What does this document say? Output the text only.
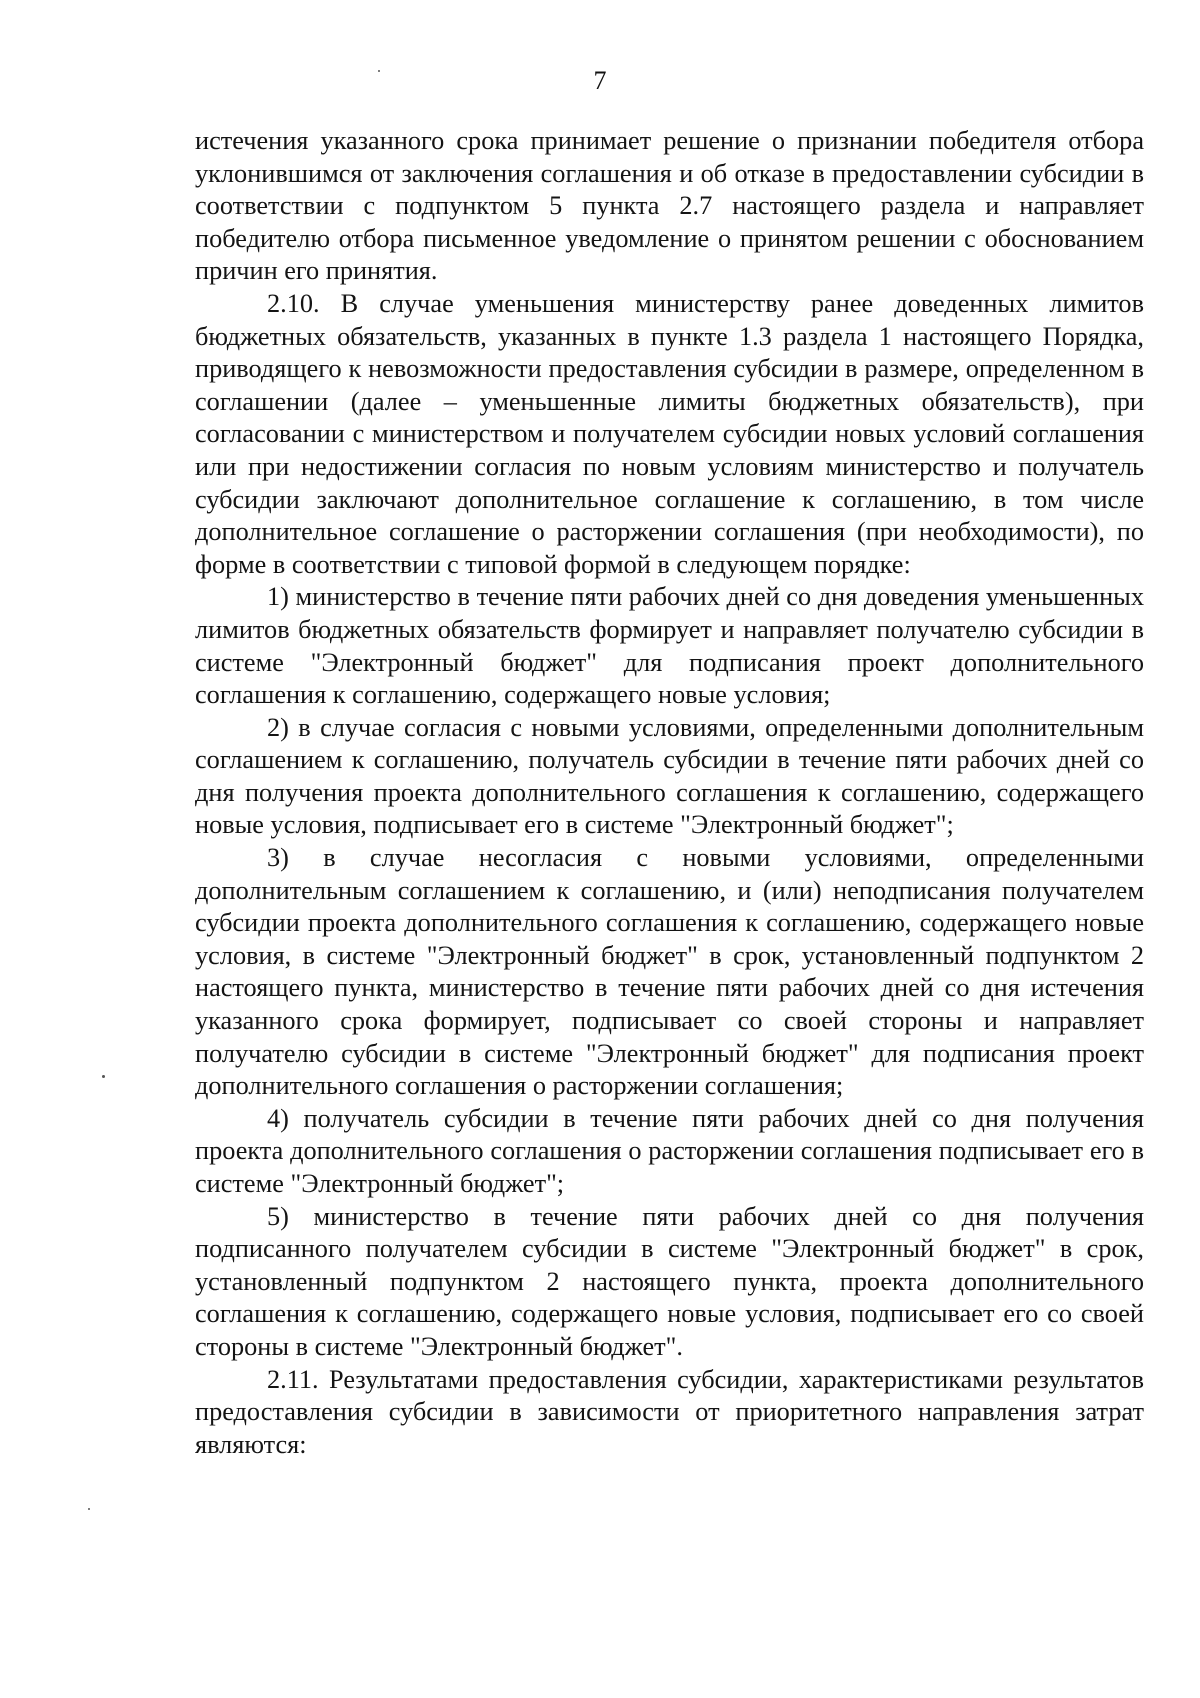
7

истечения указанного срока принимает решение о признании победителя отбора уклонившимся от заключения соглашения и об отказе в предоставлении субсидии в соответствии с подпунктом 5 пункта 2.7 настоящего раздела и направляет победителю отбора письменное уведомление о принятом решении с обоснованием причин его принятия.

2.10. В случае уменьшения министерству ранее доведенных лимитов бюджетных обязательств, указанных в пункте 1.3 раздела 1 настоящего Порядка, приводящего к невозможности предоставления субсидии в размере, определенном в соглашении (далее – уменьшенные лимиты бюджетных обязательств), при согласовании с министерством и получателем субсидии новых условий соглашения или при недостижении согласия по новым условиям министерство и получатель субсидии заключают дополнительное соглашение к соглашению, в том числе дополнительное соглашение о расторжении соглашения (при необходимости), по форме в соответствии с типовой формой в следующем порядке:

1) министерство в течение пяти рабочих дней со дня доведения уменьшенных лимитов бюджетных обязательств формирует и направляет получателю субсидии в системе "Электронный бюджет" для подписания проект дополнительного соглашения к соглашению, содержащего новые условия;

2) в случае согласия с новыми условиями, определенными дополнительным соглашением к соглашению, получатель субсидии в течение пяти рабочих дней со дня получения проекта дополнительного соглашения к соглашению, содержащего новые условия, подписывает его в системе "Электронный бюджет";

3) в случае несогласия с новыми условиями, определенными дополнительным соглашением к соглашению, и (или) неподписания получателем субсидии проекта дополнительного соглашения к соглашению, содержащего новые условия, в системе "Электронный бюджет" в срок, установленный подпунктом 2 настоящего пункта, министерство в течение пяти рабочих дней со дня истечения указанного срока формирует, подписывает со своей стороны и направляет получателю субсидии в системе "Электронный бюджет" для подписания проект дополнительного соглашения о расторжении соглашения;

4) получатель субсидии в течение пяти рабочих дней со дня получения проекта дополнительного соглашения о расторжении соглашения подписывает его в системе "Электронный бюджет";

5) министерство в течение пяти рабочих дней со дня получения подписанного получателем субсидии в системе "Электронный бюджет" в срок, установленный подпунктом 2 настоящего пункта, проекта дополнительного соглашения к соглашению, содержащего новые условия, подписывает его со своей стороны в системе "Электронный бюджет".

2.11. Результатами предоставления субсидии, характеристиками результатов предоставления субсидии в зависимости от приоритетного направления затрат являются:
